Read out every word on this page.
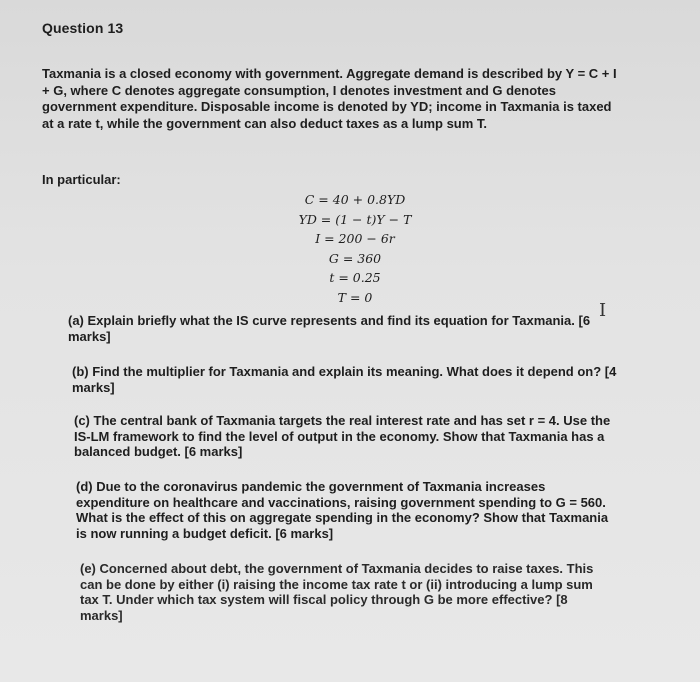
Question 13
Taxmania is a closed economy with government. Aggregate demand is described by Y = C + I + G, where C denotes aggregate consumption, I denotes investment and G denotes government expenditure. Disposable income is denoted by YD; income in Taxmania is taxed at a rate t, while the government can also deduct taxes as a lump sum T.
In particular:
C = 40 + 0.8YD
YD = (1 − t)Y − T
I = 200 − 6r
G = 360
t = 0.25
T = 0
(a) Explain briefly what the IS curve represents and find its equation for Taxmania. [6 marks]
I
(b) Find the multiplier for Taxmania and explain its meaning. What does it depend on? [4 marks]
(c) The central bank of Taxmania targets the real interest rate and has set r = 4. Use the IS-LM framework to find the level of output in the economy. Show that Taxmania has a balanced budget. [6 marks]
(d) Due to the coronavirus pandemic the government of Taxmania increases expenditure on healthcare and vaccinations, raising government spending to G = 560. What is the effect of this on aggregate spending in the economy? Show that Taxmania is now running a budget deficit. [6 marks]
(e) Concerned about debt, the government of Taxmania decides to raise taxes. This can be done by either (i) raising the income tax rate t or (ii) introducing a lump sum tax T. Under which tax system will fiscal policy through G be more effective? [8 marks]
